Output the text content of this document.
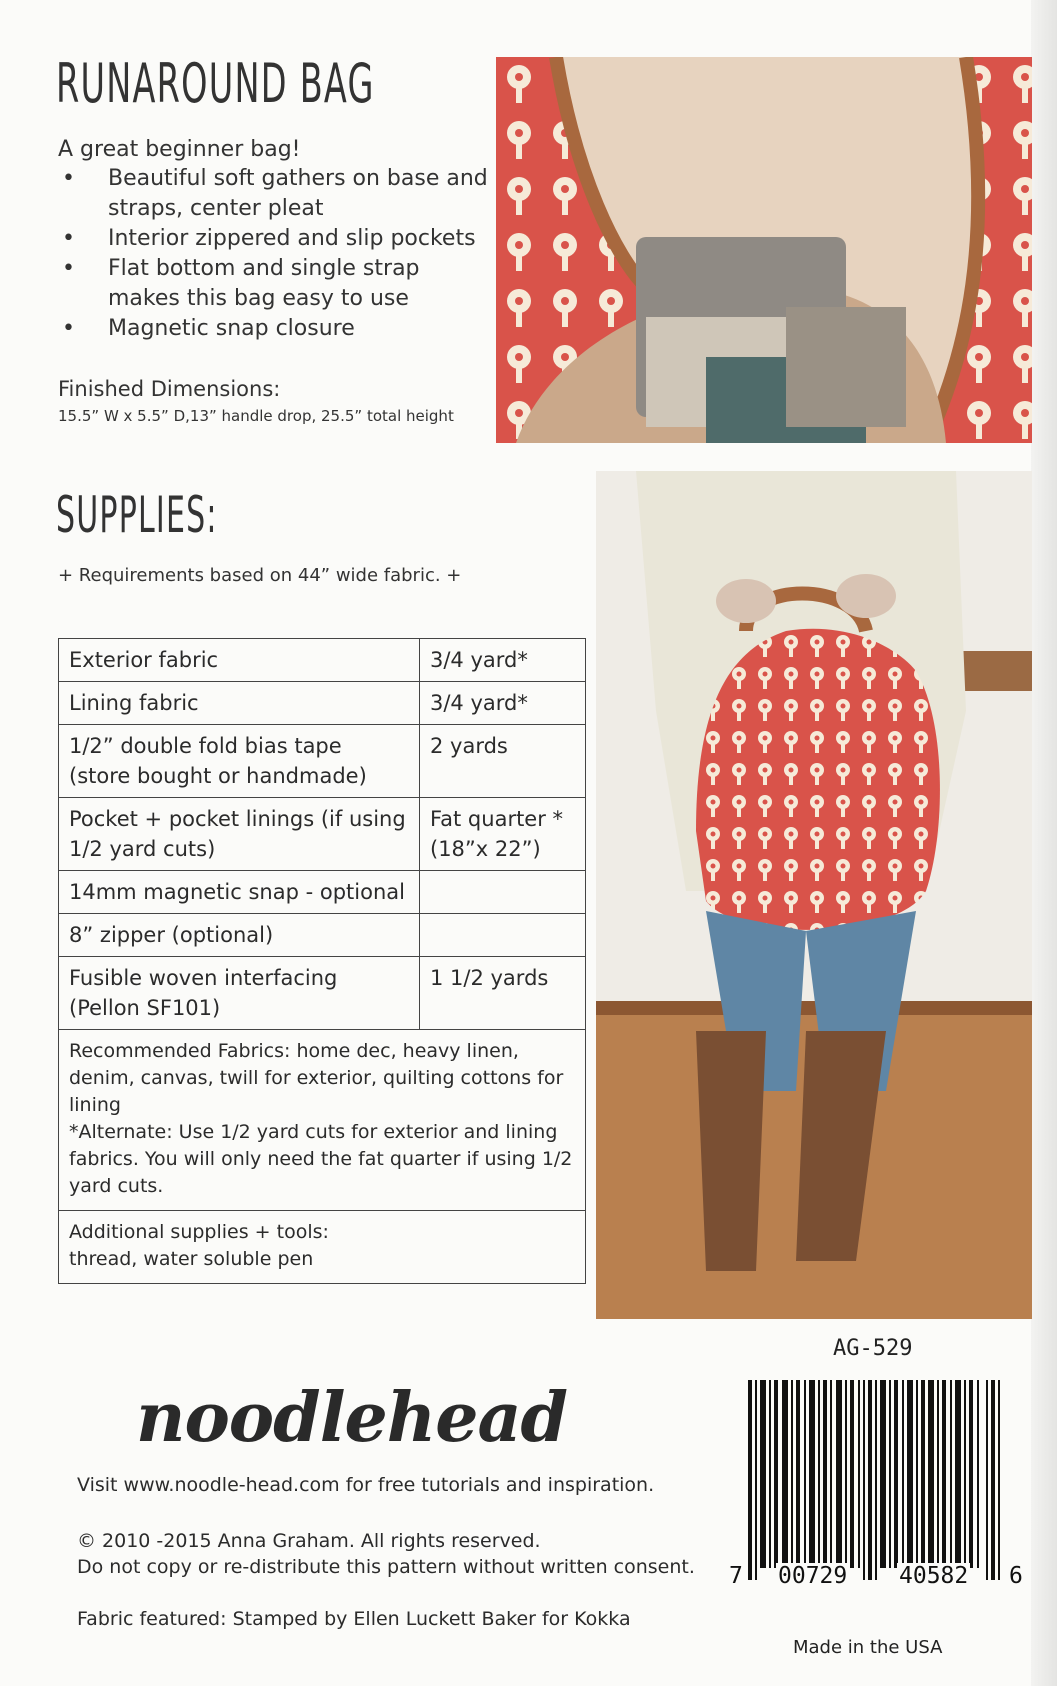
RUNAROUND BAG
A great beginner bag!
• Beautiful soft gathers on base and straps, center pleat
• Interior zippered and slip pockets
• Flat bottom and single strap makes this bag easy to use
• Magnetic snap closure
Finished Dimensions:
15.5” W x 5.5” D,13” handle drop, 25.5” total height
SUPPLIES:
+ Requirements based on 44” wide fabric. +
Exterior fabric	3/4 yard*
Lining fabric	3/4 yard*
1/2” double fold bias tape (store bought or handmade)	2 yards
Pocket + pocket linings (if using 1/2 yard cuts)	Fat quarter *(18”x 22”)
14mm magnetic snap - optional	
8” zipper (optional)	
Fusible woven interfacing (Pellon SF101)	1 1/2 yards

Recommended Fabrics: home dec, heavy linen, denim, canvas, twill for exterior, quilting cottons for lining
*Alternate: Use 1/2 yard cuts for exterior and lining fabrics. You will only need the fat quarter if using 1/2 yard cuts.	

Additional supplies + tools:
thread, water soluble pen	
noodlehead
Visit www.noodle-head.com for free tutorials and inspiration.
© 2010 -2015 Anna Graham. All rights reserved.
Do not copy or re-distribute this pattern without written consent.
Fabric featured: Stamped by Ellen Luckett Baker for Kokka
AG-529
7 00729 40582 6
Made in the USA
